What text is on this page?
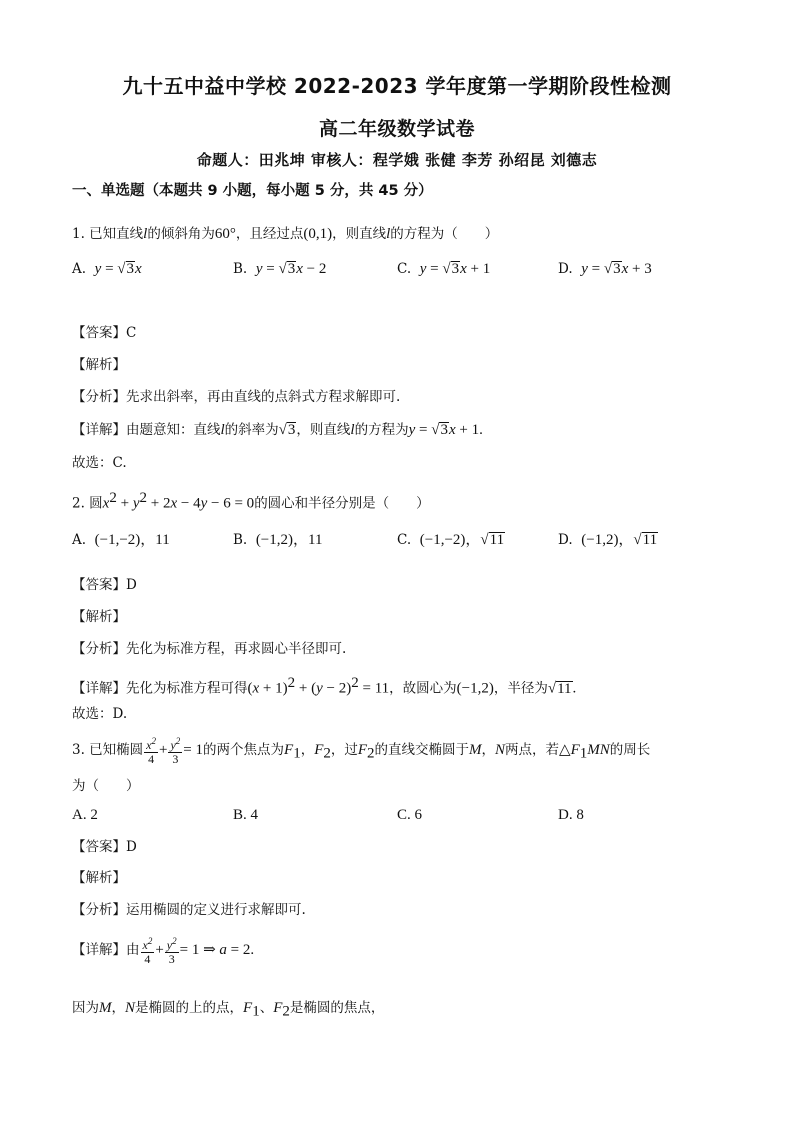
九十五中益中学校 2022-2023 学年度第一学期阶段性检测
高二年级数学试卷
命题人：田兆坤 审核人：程学娥 张健 李芳 孙绍昆 刘德志
一、单选题（本题共 9 小题，每小题 5 分，共 45 分）
1. 已知直线l的倾斜角为60°，且经过点(0,1)，则直线l的方程为（　　）
A. y = √3x	B. y = √3x − 2	C. y = √3x + 1	D. y = √3x + 3
【答案】C
【解析】
【分析】先求出斜率，再由直线的点斜式方程求解即可.
【详解】由题意知：直线l的斜率为√3，则直线l的方程为y = √3x + 1.
故选：C.
2. 圆$x^2 + y^2 + 2x - 4y - 6 = 0$的圆心和半径分别是（　　）
A. (−1,−2)，11	B. (−1,2)，11	C. (−1,−2)，√11	D. (−1,2)，√11
【答案】D
【解析】
【分析】先化为标准方程，再求圆心半径即可.
【详解】先化为标准方程可得$(x + 1)^2 + (y - 2)^2 = 11$，故圆心为(−1,2)，半径为√11.
故选：D.
3. 已知椭圆 $\frac{x^2}{4} + \frac{y^2}{3} = 1$的两个焦点为$F_1$，$F_2$，过$F_2$的直线交椭圆于M，N两点，若$\triangle F_1MN$的周长
为（　　）
A. 2	B. 4	C. 6	D. 8
【答案】D
【解析】
【分析】运用椭圆的定义进行求解即可.
【详解】由 $\frac{x^2}{4} + \frac{y^2}{3} = 1$ ⇒ a = 2.
因为M，N是椭圆的上的点，$F_1$、$F_2$是椭圆的焦点，
